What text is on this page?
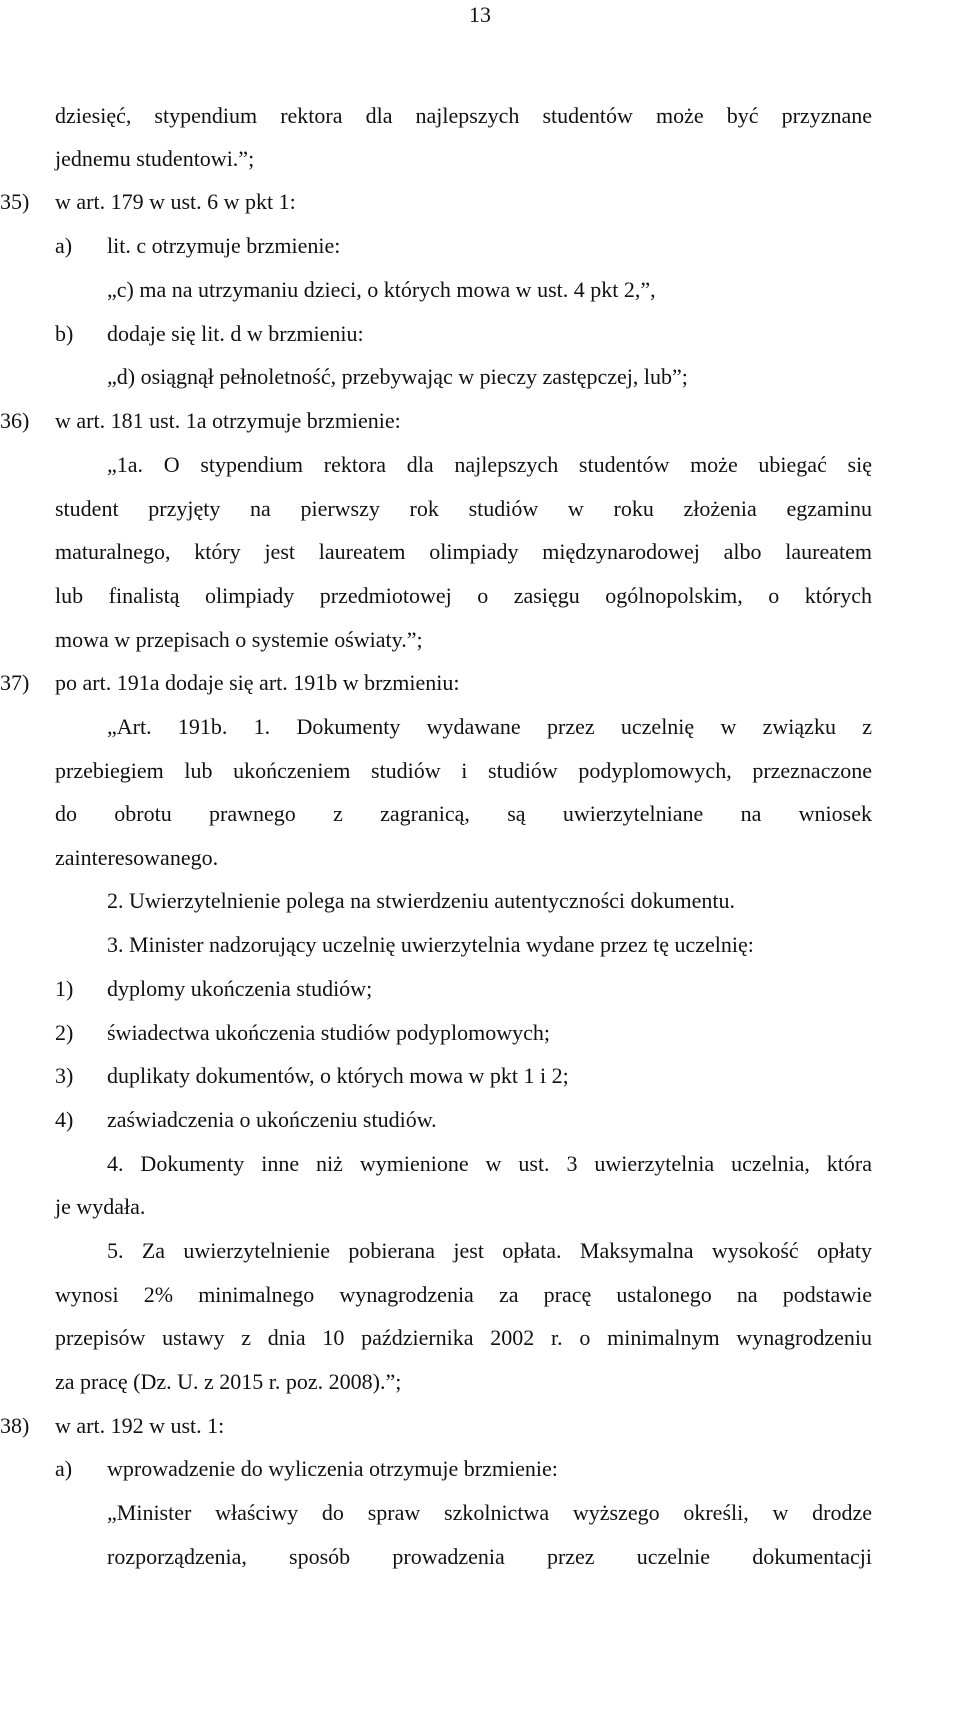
13
dziesięć, stypendium rektora dla najlepszych studentów może być przyznane
jednemu studentowi.”;
35) w art. 179 w ust. 6 w pkt 1:
a) lit. c otrzymuje brzmienie:
„c) ma na utrzymaniu dzieci, o których mowa w ust. 4 pkt 2,”,
b) dodaje się lit. d w brzmieniu:
„d) osiągnął pełnoletność, przebywając w pieczy zastępczej, lub”;
36) w art. 181 ust. 1a otrzymuje brzmienie:
„1a. O stypendium rektora dla najlepszych studentów może ubiegać się
student przyjęty na pierwszy rok studiów w roku złożenia egzaminu
maturalnego, który jest laureatem olimpiady międzynarodowej albo laureatem
lub finalistą olimpiady przedmiotowej o zasięgu ogólnopolskim, o których
mowa w przepisach o systemie oświaty.”;
37) po art. 191a dodaje się art. 191b w brzmieniu:
„Art. 191b. 1. Dokumenty wydawane przez uczelnię w związku z
przebiegiem lub ukończeniem studiów i studiów podyplomowych, przeznaczone
do obrotu prawnego z zagranicą, są uwierzytelniane na wniosek
zainteresowanego.
2. Uwierzytelnienie polega na stwierdzeniu autentyczności dokumentu.
3. Minister nadzorujący uczelnię uwierzytelnia wydane przez tę uczelnię:
1) dyplomy ukończenia studiów;
2) świadectwa ukończenia studiów podyplomowych;
3) duplikaty dokumentów, o których mowa w pkt 1 i 2;
4) zaświadczenia o ukończeniu studiów.
4. Dokumenty inne niż wymienione w ust. 3 uwierzytelnia uczelnia, która
je wydała.
5. Za uwierzytelnienie pobierana jest opłata. Maksymalna wysokość opłaty
wynosi 2% minimalnego wynagrodzenia za pracę ustalonego na podstawie
przepisów ustawy z dnia 10 października 2002 r. o minimalnym wynagrodzeniu
za pracę (Dz. U. z 2015 r. poz. 2008).”;
38) w art. 192 w ust. 1:
a) wprowadzenie do wyliczenia otrzymuje brzmienie:
„Minister właściwy do spraw szkolnictwa wyższego określi, w drodze
rozporządzenia, sposób prowadzenia przez uczelnie dokumentacji
